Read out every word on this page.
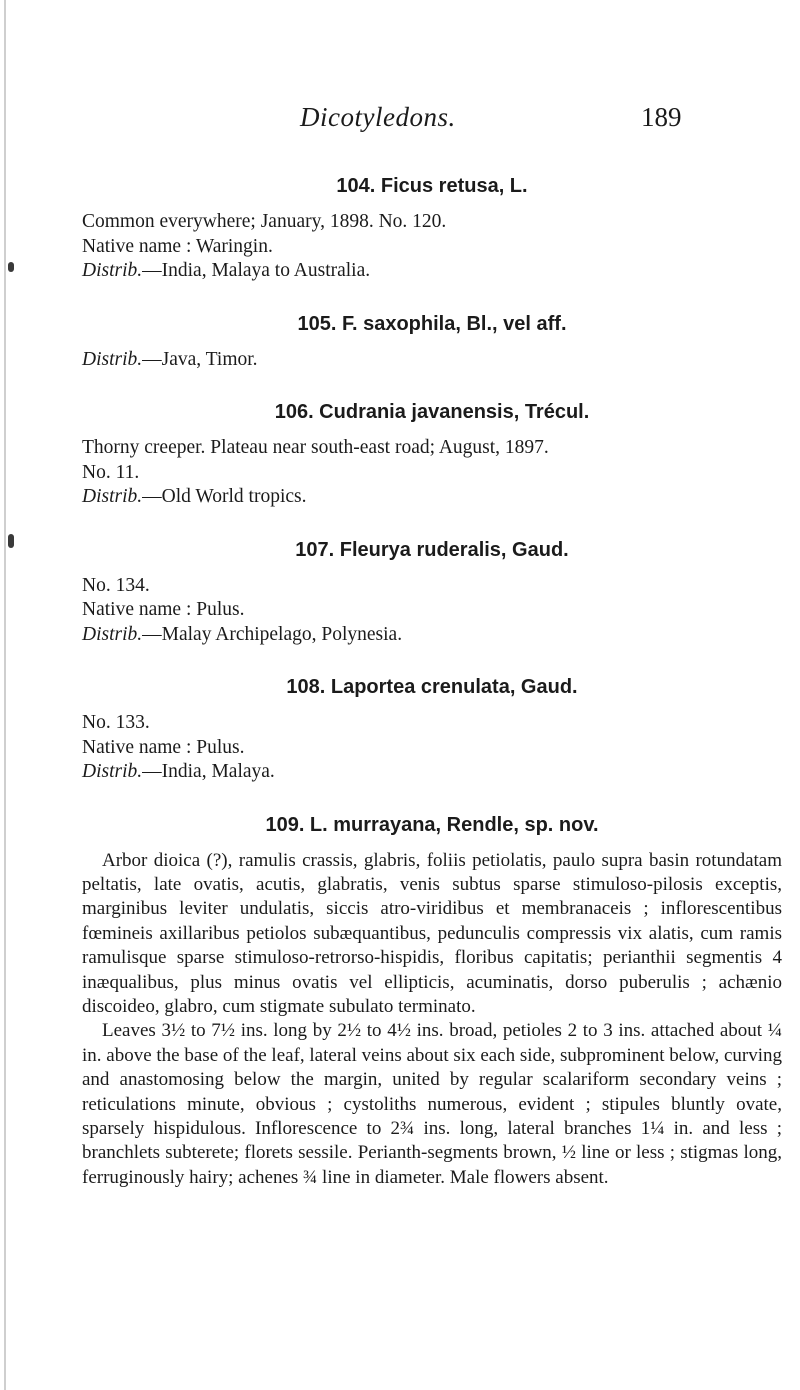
Dicotyledons.	189
104. Ficus retusa, L.
Common everywhere; January, 1898. No. 120.
Native name : Waringin.
Distrib.—India, Malaya to Australia.
105. F. saxophila, Bl., vel aff.
Distrib.—Java, Timor.
106. Cudrania javanensis, Trécul.
Thorny creeper. Plateau near south-east road; August, 1897.
No. 11.
Distrib.—Old World tropics.
107. Fleurya ruderalis, Gaud.
No. 134.
Native name : Pulus.
Distrib.—Malay Archipelago, Polynesia.
108. Laportea crenulata, Gaud.
No. 133.
Native name : Pulus.
Distrib.—India, Malaya.
109. L. murrayana, Rendle, sp. nov.
Arbor dioica (?), ramulis crassis, glabris, foliis petiolatis, paulo supra basin rotundatam peltatis, late ovatis, acutis, glabratis, venis subtus sparse stimuloso-pilosis exceptis, marginibus leviter undulatis, siccis atro-viridibus et membranaceis ; inflorescentibus fœmineis axillaribus petiolos subæquantibus, pedunculis compressis vix alatis, cum ramis ramulisque sparse stimuloso-retrorso-hispidis, floribus capitatis; perianthii segmentis 4 inæqualibus, plus minus ovatis vel ellipticis, acuminatis, dorso puberulis ; achænio discoideo, glabro, cum stigmate subulato terminato.
Leaves 3½ to 7½ ins. long by 2½ to 4½ ins. broad, petioles 2 to 3 ins. attached about ¼ in. above the base of the leaf, lateral veins about six each side, subprominent below, curving and anastomosing below the margin, united by regular scalariform secondary veins ; reticulations minute, obvious ; cystoliths numerous, evident ; stipules bluntly ovate, sparsely hispidulous. Inflorescence to 2¾ ins. long, lateral branches 1¼ in. and less ; branchlets subterete; florets sessile. Perianth-segments brown, ½ line or less ; stigmas long, ferruginously hairy; achenes ¾ line in diameter. Male flowers absent.
